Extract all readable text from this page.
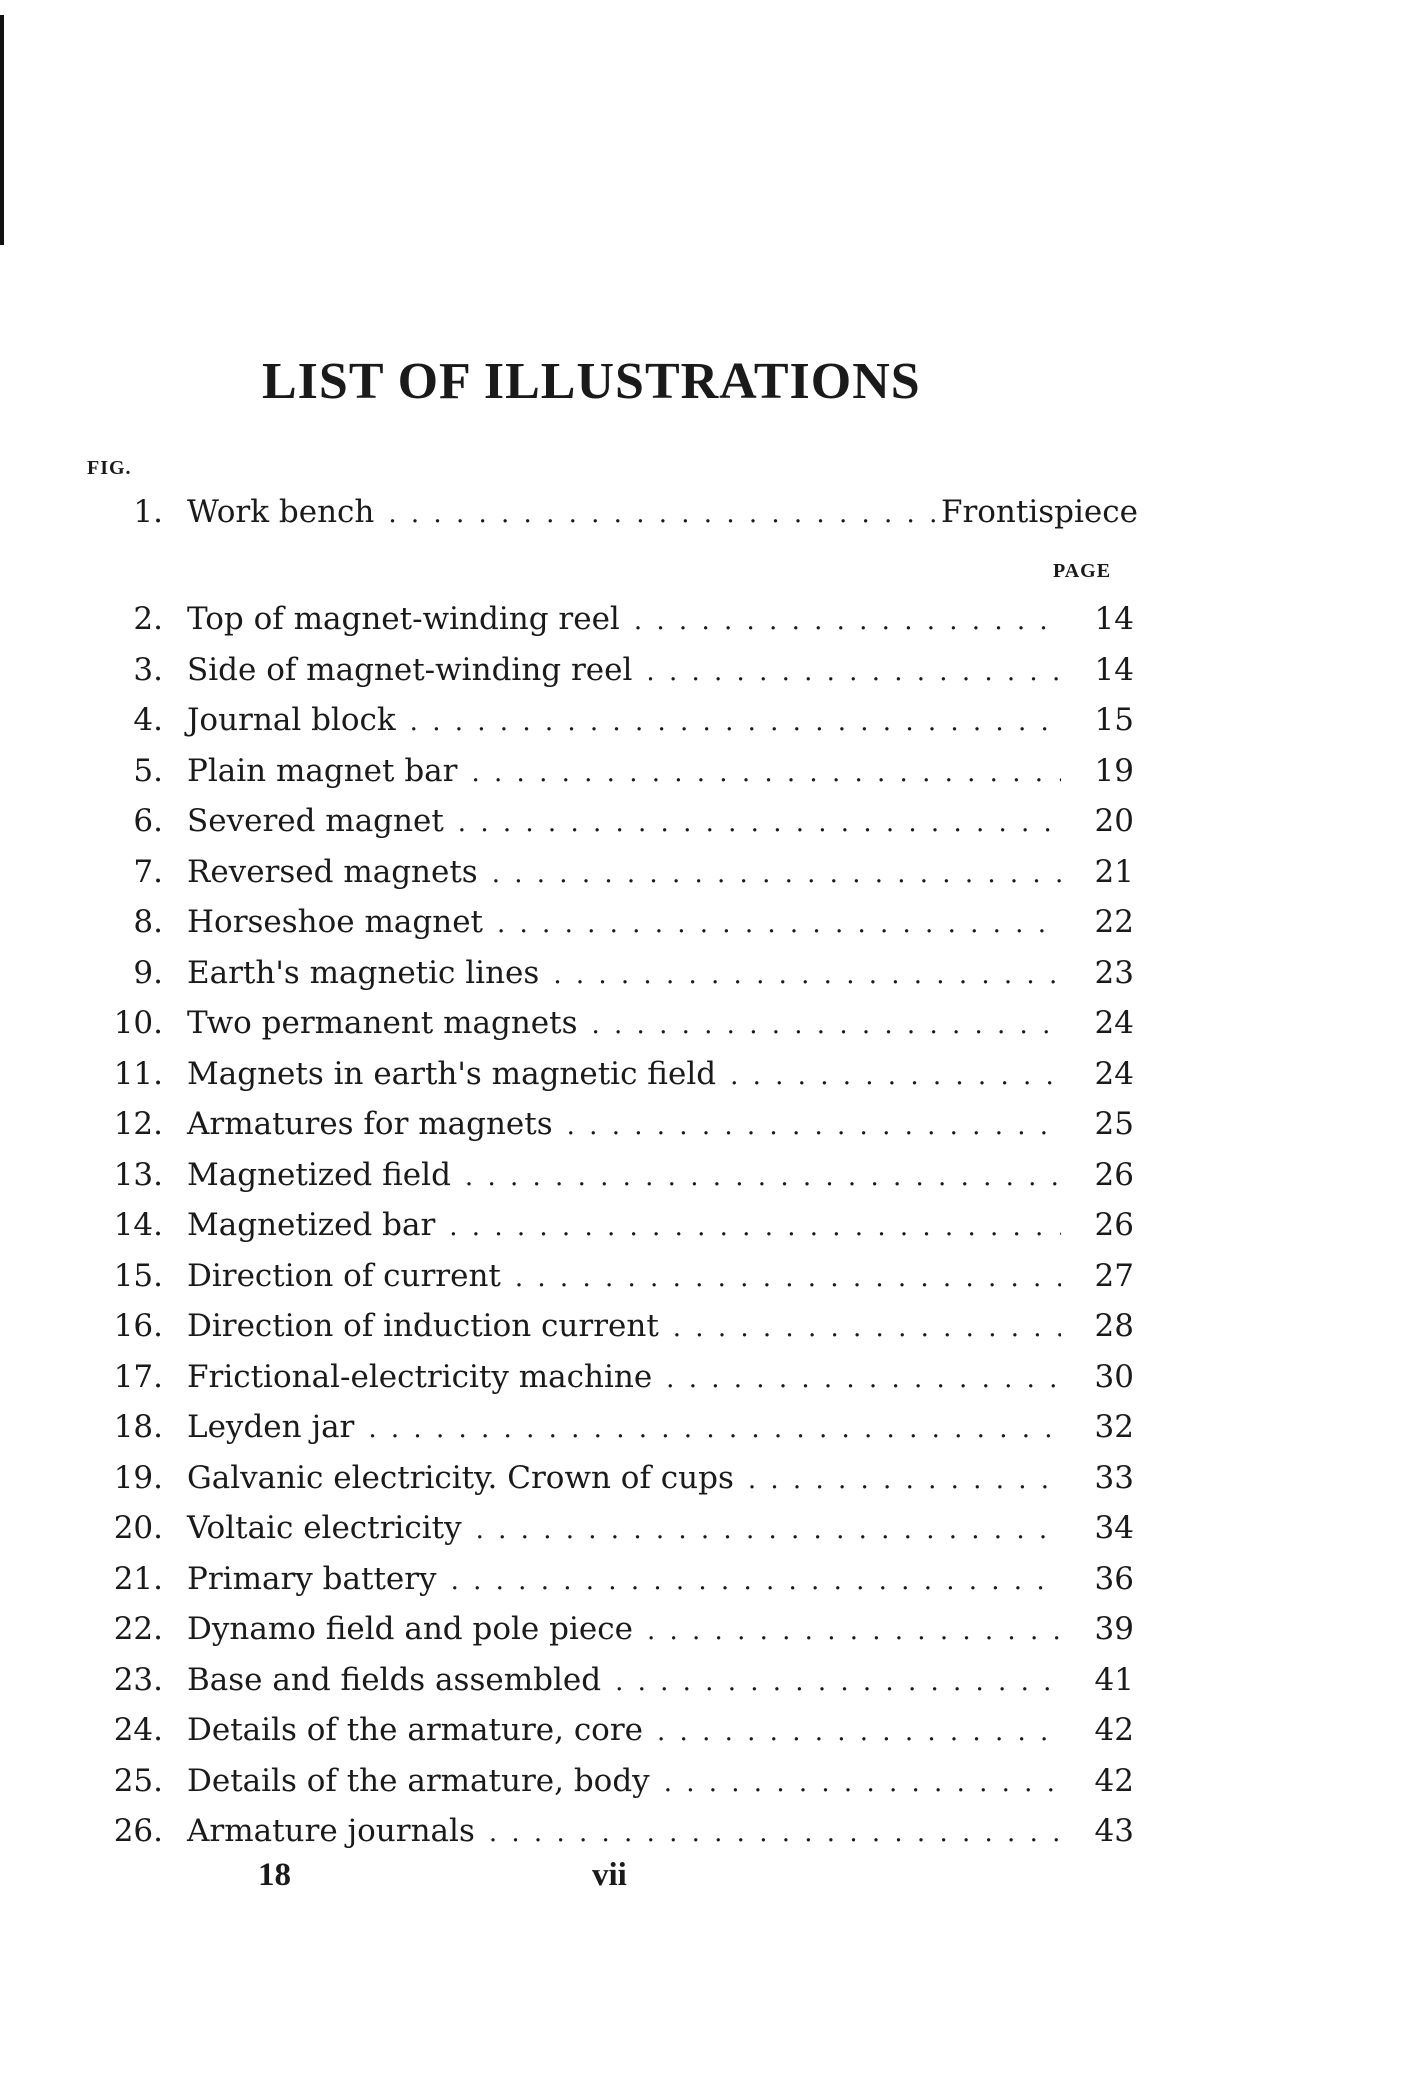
LIST OF ILLUSTRATIONS
FIG.
1. Work bench . . .	Frontispiece
PAGE
2. Top of magnet-winding reel . . .	14
3. Side of magnet-winding reel . . .	14
4. Journal block . . .	15
5. Plain magnet bar . . .	19
6. Severed magnet . . .	20
7. Reversed magnets . . .	21
8. Horseshoe magnet . . .	22
9. Earth's magnetic lines . . .	23
10. Two permanent magnets . . .	24
11. Magnets in earth's magnetic field . . .	24
12. Armatures for magnets . . .	25
13. Magnetized field . . .	26
14. Magnetized bar . . .	26
15. Direction of current . . .	27
16. Direction of induction current . . .	28
17. Frictional-electricity machine . . .	30
18. Leyden jar . . .	32
19. Galvanic electricity. Crown of cups . . .	33
20. Voltaic electricity . . .	34
21. Primary battery . . .	36
22. Dynamo field and pole piece . . .	39
23. Base and fields assembled . . .	41
24. Details of the armature, core . . .	42
25. Details of the armature, body . . .	42
26. Armature journals . . .	43
18	vii
